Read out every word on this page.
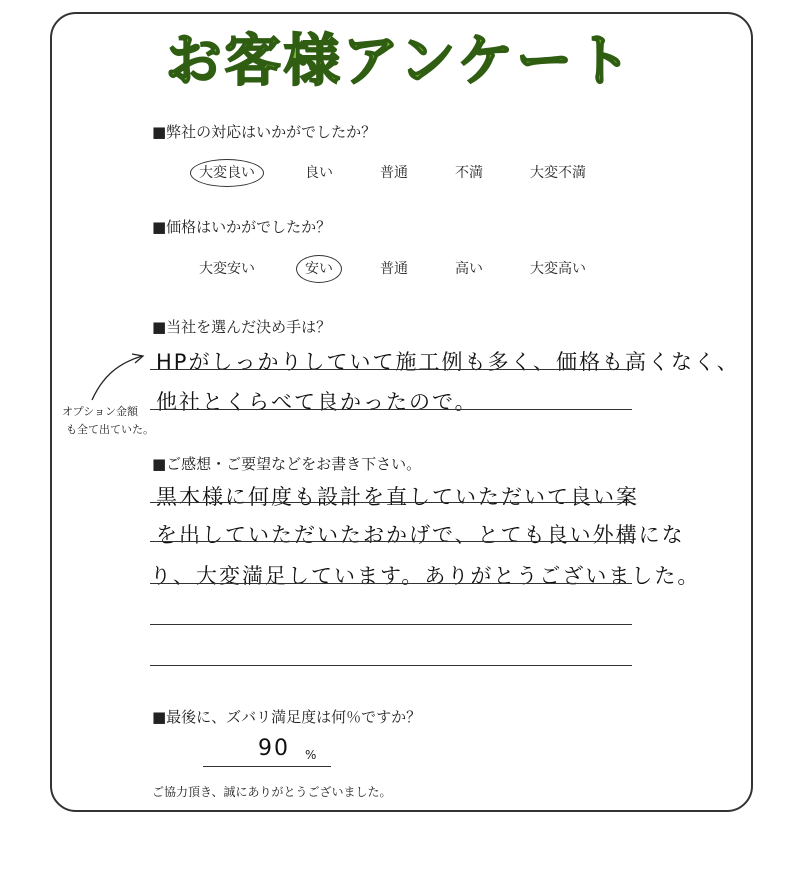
お客様アンケート
■弊社の対応はいかがでしたか？
大変良い	良い	普通	不満	大変不満
■価格はいかがでしたか？
大変安い	安い	普通	高い	大変高い
■当社を選んだ決め手は？
HPがしっかりしていて施工例も多く、価格も高くなく、
他社とくらべて良かったので。
オプション金額
も全て出ていた。
■ご感想・ご要望などをお書き下さい。
黒木様に何度も設計を直していただいて良い案
を出していただいたおかげで、とても良い外構にな
り、大変満足しています。ありがとうございました。
■最後に、ズバリ満足度は何％ですか？
90 %
ご協力頂き、誠にありがとうございました。
